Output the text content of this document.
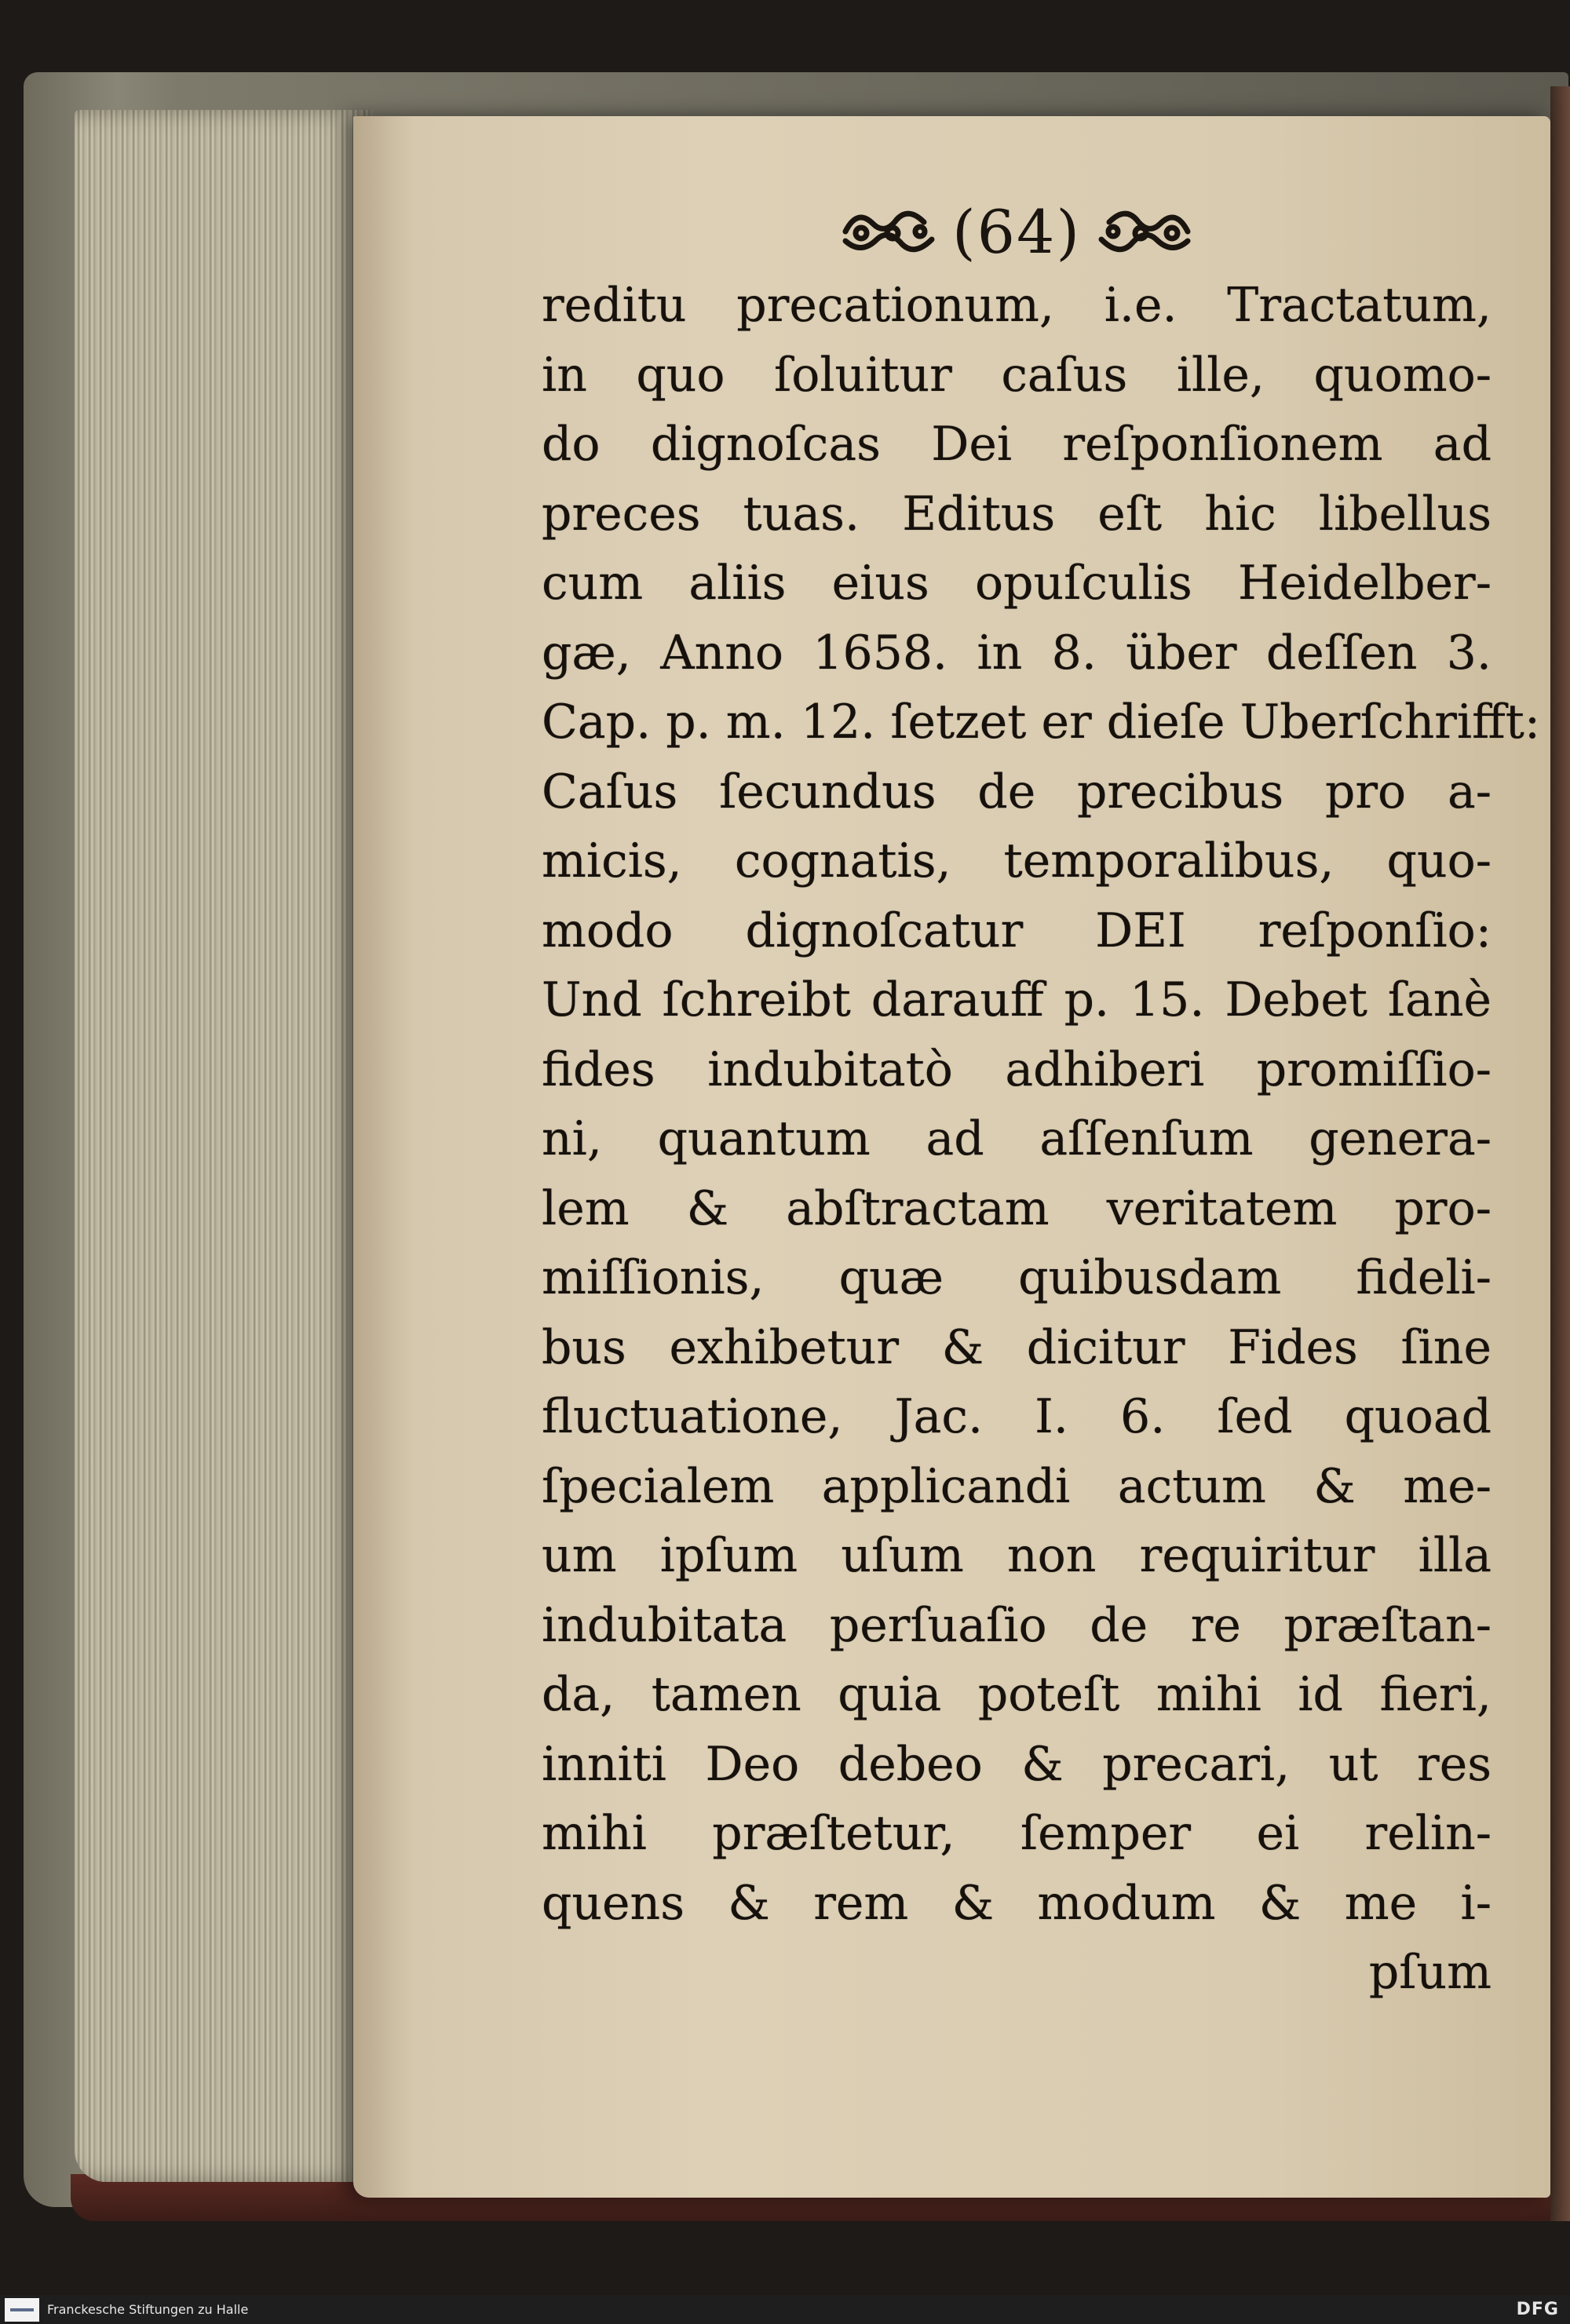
(64)
reditu precationum, i.e. Tractatum,
in quo ſoluitur caſus ille, quomo-
do dignoſcas Dei reſponſionem ad
preces tuas. Editus eſt hic libellus
cum aliis eius opuſculis Heidelber-
gæ, Anno 1658. in 8. über deſſen 3.
Cap. p. m. 12. ſetzet er dieſe Uberſchrifft:
Caſus ſecundus de precibus pro a-
micis, cognatis, temporalibus, quo-
modo dignoſcatur DEI reſponſio:
Und ſchreibt darauff p. 15. Debet ſanè
fides indubitatò adhiberi promiſſio-
ni, quantum ad aſſenſum genera-
lem & abſtractam veritatem pro-
miſſionis, quæ quibusdam fideli-
bus exhibetur & dicitur Fides ſine
fluctuatione, Jac. I. 6. ſed quoad
ſpecialem applicandi actum & me-
um ipſum uſum non requiritur illa
indubitata perſuaſio de re præſtan-
da, tamen quia poteſt mihi id fieri,
inniti Deo debeo & precari, ut res
mihi præſtetur, ſemper ei relin-
quens & rem & modum & me i-
pſum
Franckesche Stiftungen zu Halle	DFG
